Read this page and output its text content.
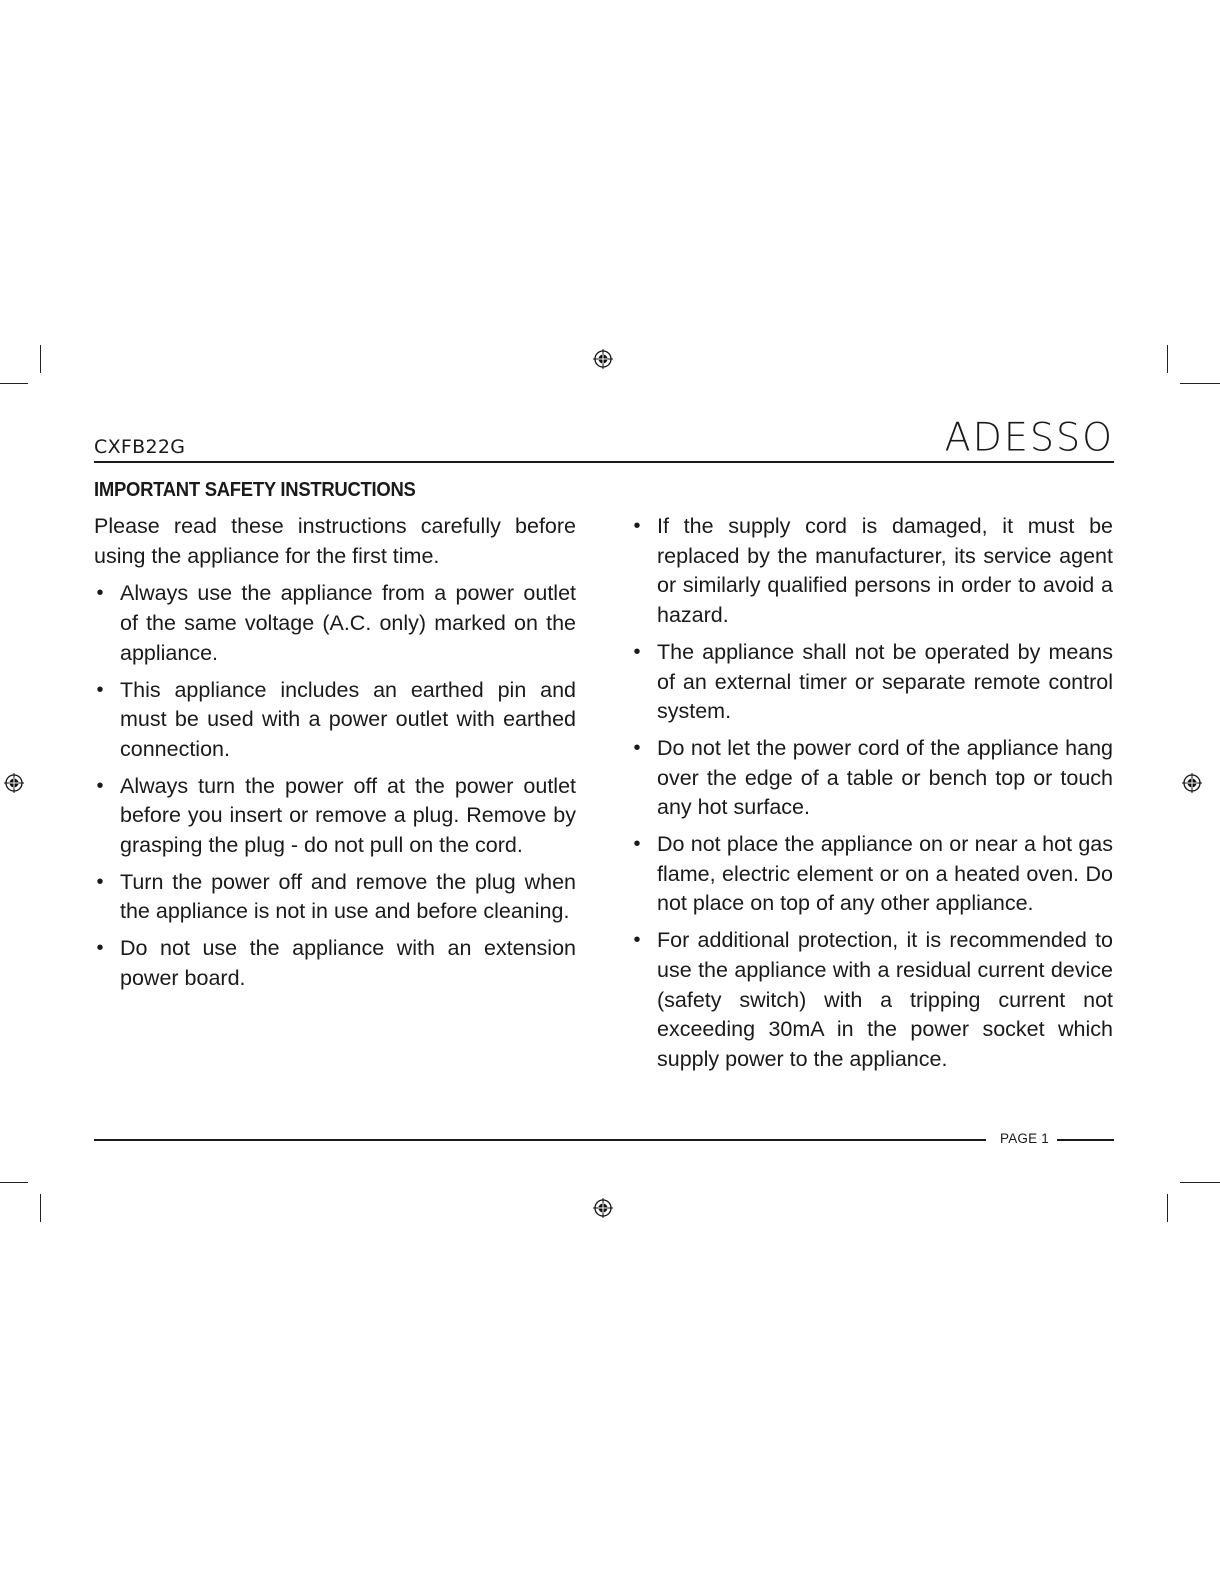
CXFB22G	ADESSO
IMPORTANT SAFETY INSTRUCTIONS

Please read these instructions carefully before using the appliance for the first time.

• Always use the appliance from a power outlet of the same voltage (A.C. only) marked on the appliance.
• This appliance includes an earthed pin and must be used with a power outlet with earthed connection.
• Always turn the power off at the power outlet before you insert or remove a plug. Remove by grasping the plug - do not pull on the cord.
• Turn the power off and remove the plug when the appliance is not in use and before cleaning.
• Do not use the appliance with an extension power board.
• If the supply cord is damaged, it must be replaced by the manufacturer, its service agent or similarly qualified persons in order to avoid a hazard.
• The appliance shall not be operated by means of an external timer or separate remote control system.
• Do not let the power cord of the appliance hang over the edge of a table or bench top or touch any hot surface.
• Do not place the appliance on or near a hot gas flame, electric element or on a heated oven. Do not place on top of any other appliance.
• For additional protection, it is recommended to use the appliance with a residual current device (safety switch) with a tripping current not exceeding 30mA in the power socket which supply power to the appliance.
PAGE 1
